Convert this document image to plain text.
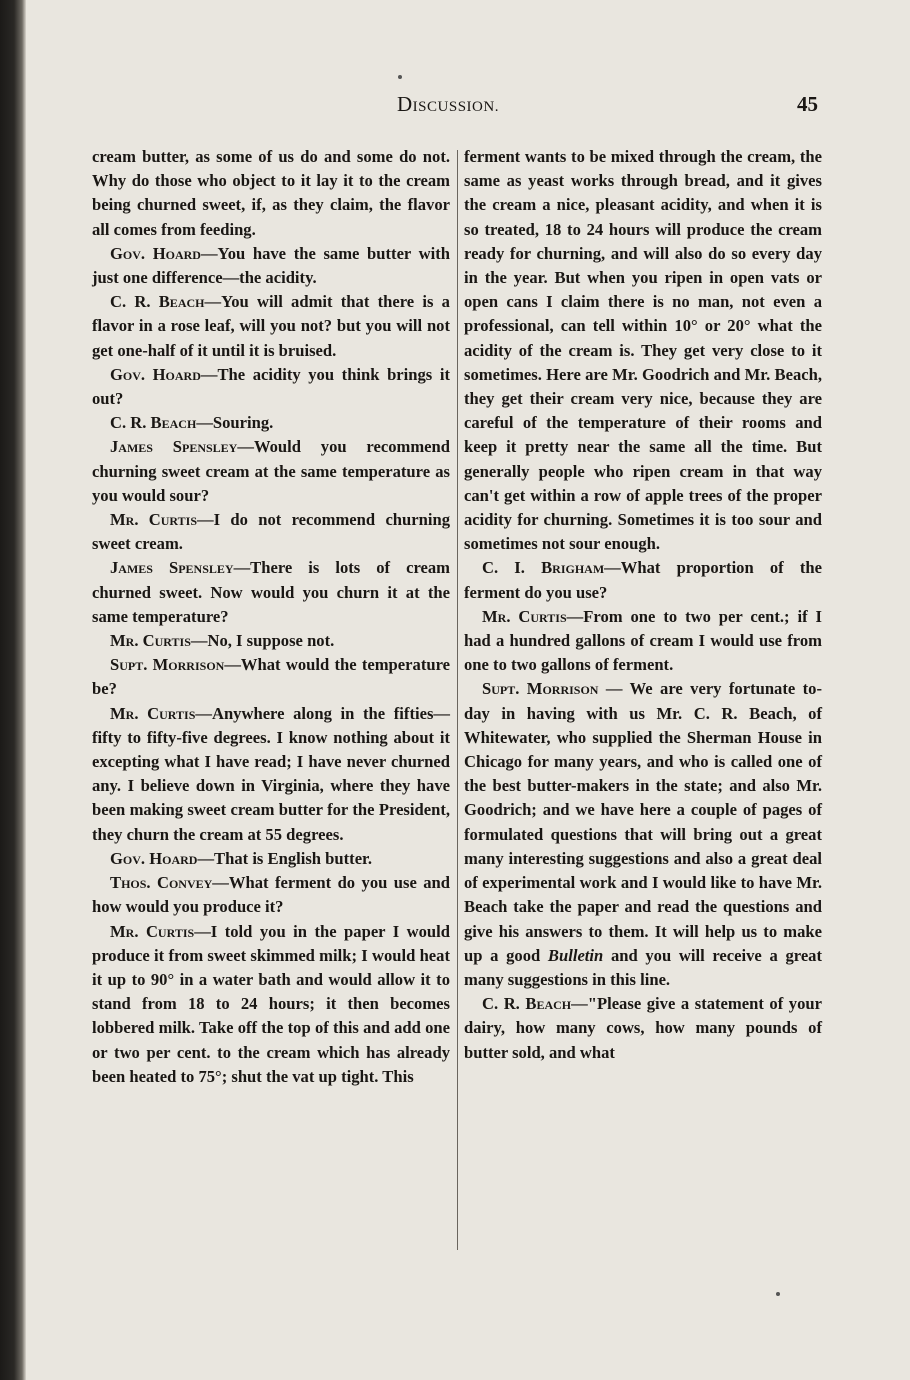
DISCUSSION.	45

cream butter, as some of us do and some do not. Why do those who object to it lay it to the cream being churned sweet, if, as they claim, the flavor all comes from feeding.

Gov. Hoard—You have the same butter with just one difference—the acidity.

C. R. Beach—You will admit that there is a flavor in a rose leaf, will you not? but you will not get one-half of it until it is bruised.

Gov. Hoard—The acidity you think brings it out?

C. R. Beach—Souring.

James Spensley—Would you recommend churning sweet cream at the same temperature as you would sour?

Mr. Curtis—I do not recommend churning sweet cream.

James Spensley—There is lots of cream churned sweet. Now would you churn it at the same temperature?

Mr. Curtis—No, I suppose not.

Supt. Morrison—What would the temperature be?

Mr. Curtis—Anywhere along in the fifties—fifty to fifty-five degrees. I know nothing about it excepting what I have read; I have never churned any. I believe down in Virginia, where they have been making sweet cream butter for the President, they churn the cream at 55 degrees.

Gov. Hoard—That is English butter.

Thos. Convey—What ferment do you use and how would you produce it?

Mr. Curtis—I told you in the paper I would produce it from sweet skimmed milk; I would heat it up to 90° in a water bath and would allow it to stand from 18 to 24 hours; it then becomes lobbered milk. Take off the top of this and add one or two per cent. to the cream which has already been heated to 75°; shut the vat up tight. This

ferment wants to be mixed through the cream, the same as yeast works through bread, and it gives the cream a nice, pleasant acidity, and when it is so treated, 18 to 24 hours will produce the cream ready for churning, and will also do so every day in the year. But when you ripen in open vats or open cans I claim there is no man, not even a professional, can tell within 10° or 20° what the acidity of the cream is. They get very close to it sometimes. Here are Mr. Goodrich and Mr. Beach, they get their cream very nice, because they are careful of the temperature of their rooms and keep it pretty near the same all the time. But generally people who ripen cream in that way can't get within a row of apple trees of the proper acidity for churning. Sometimes it is too sour and sometimes not sour enough.

C. I. Brigham—What proportion of the ferment do you use?

Mr. Curtis—From one to two per cent.; if I had a hundred gallons of cream I would use from one to two gallons of ferment.

Supt. Morrison — We are very fortunate to-day in having with us Mr. C. R. Beach, of Whitewater, who supplied the Sherman House in Chicago for many years, and who is called one of the best butter-makers in the state; and also Mr. Goodrich; and we have here a couple of pages of formulated questions that will bring out a great many interesting suggestions and also a great deal of experimental work and I would like to have Mr. Beach take the paper and read the questions and give his answers to them. It will help us to make up a good Bulletin and you will receive a great many suggestions in this line.

C. R. Beach—"Please give a statement of your dairy, how many cows, how many pounds of butter sold, and what
